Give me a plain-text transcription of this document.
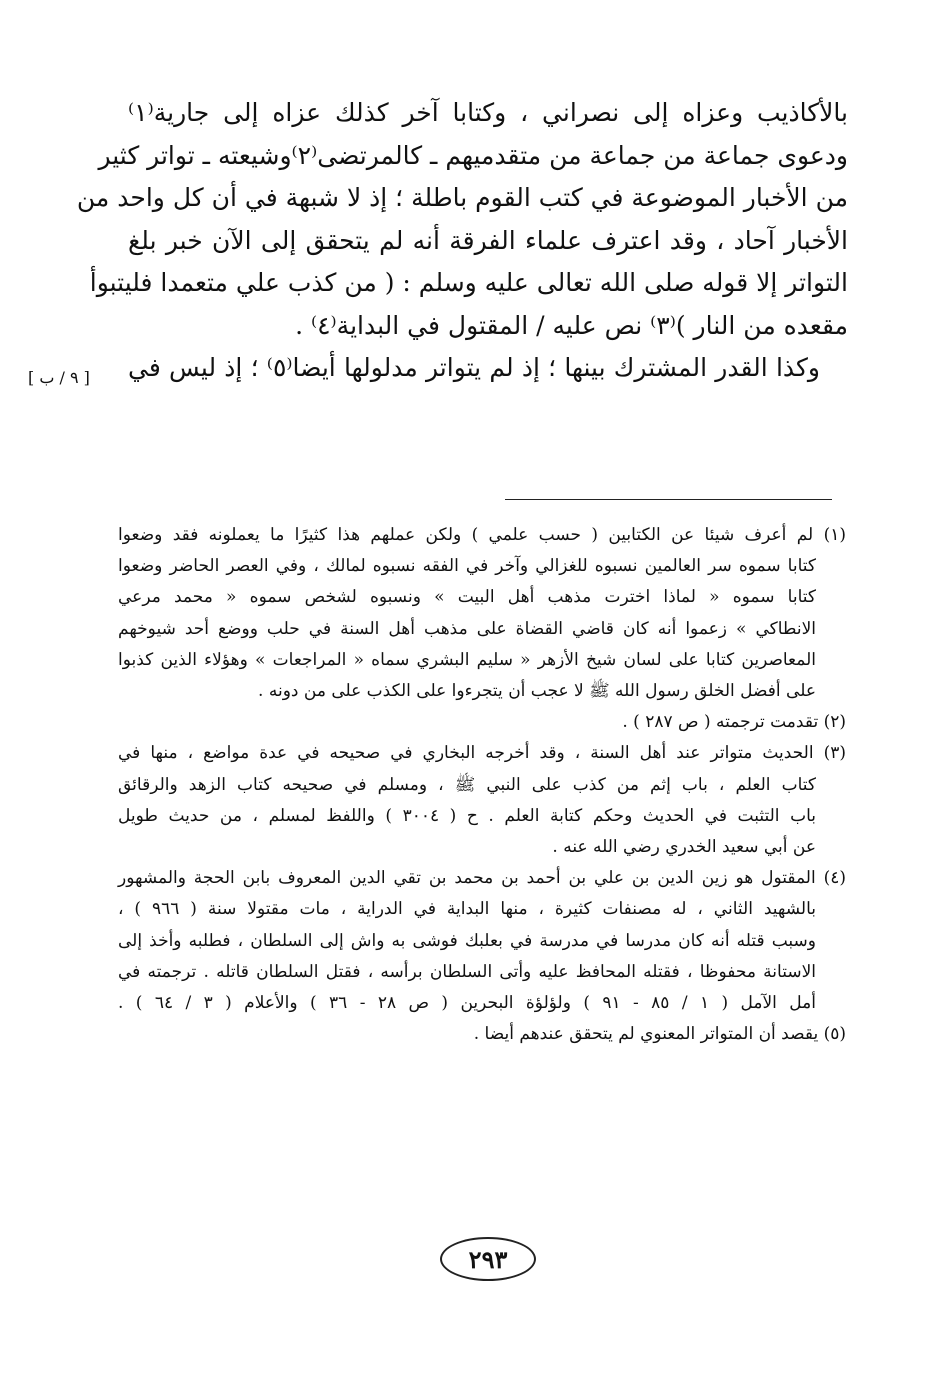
بالأكاذيب وعزاه إلى نصراني ، وكتابا آخر كذلك عزاه إلى جارية⁽١⁾
ودعوى جماعة من جماعة من متقدميهم ـ كالمرتضى⁽٢⁾وشيعته ـ تواتر كثير
من الأخبار الموضوعة في كتب القوم باطلة ؛ إذ لا شبهة في أن كل واحد من
الأخبار آحاد ، وقد اعترف علماء الفرقة أنه لم يتحقق إلى الآن خبر بلغ
التواتر إلا قوله صلى الله تعالى عليه وسلم : ( من كذب علي متعمدا فليتبوأ
مقعده من النار )⁽٣⁾ نص عليه / المقتول في البداية⁽٤⁾ .
وكذا القدر المشترك بينها ؛ إذ لم يتواتر مدلولها أيضا⁽٥⁾ ؛ إذ ليس في
[ ٩ / ب ]
(١) لم أعرف شيئا عن الكتابين ( حسب علمي ) ولكن عملهم هذا كثيرًا ما يعملونه فقد وضعوا
كتابا سموه سر العالمين نسبوه للغزالي وآخر في الفقه نسبوه لمالك ، وفي العصر الحاضر وضعوا
كتابا سموه « لماذا اخترت مذهب أهل البيت » ونسبوه لشخص سموه « محمد مرعي
الانطاكي » زعموا أنه كان قاضي القضاة على مذهب أهل السنة في حلب ووضع أحد شيوخهم
المعاصرين كتابا على لسان شيخ الأزهر « سليم البشري سماه « المراجعات » وهؤلاء الذين كذبوا
على أفضل الخلق رسول الله ﷺ لا عجب أن يتجرءوا على الكذب على من دونه .
(٢) تقدمت ترجمته ( ص ٢٨٧ ) .
(٣) الحديث متواتر عند أهل السنة ، وقد أخرجه البخاري في صحيحه في عدة مواضع ، منها في
كتاب العلم ، باب إثم من كذب على النبي ﷺ ، ومسلم في صحيحه كتاب الزهد والرقائق
باب التثبت في الحديث وحكم كتابة العلم . ح ( ٣٠٠٤ ) واللفظ لمسلم ، من حديث طويل
عن أبي سعيد الخدري رضي الله عنه .
(٤) المقتول هو زين الدين بن علي بن أحمد بن محمد بن تقي الدين المعروف بابن الحجة والمشهور
بالشهيد الثاني ، له مصنفات كثيرة ، منها البداية في الدراية ، مات مقتولا سنة ( ٩٦٦ ) ،
وسبب قتله أنه كان مدرسا في مدرسة في بعلبك فوشى به واش إلى السلطان ، فطلبه وأخذ إلى
الاستانة محفوظا ، فقتله المحافظ عليه وأتى السلطان برأسه ، فقتل السلطان قاتله . ترجمته في
أمل الآمل ( ١ / ٨٥ - ٩١ ) ولؤلؤة البحرين ( ص ٢٨ - ٣٦ ) والأعلام ( ٣ / ٦٤ ) .
(٥) يقصد أن المتواتر المعنوي لم يتحقق عندهم أيضا .
٢٩٣
